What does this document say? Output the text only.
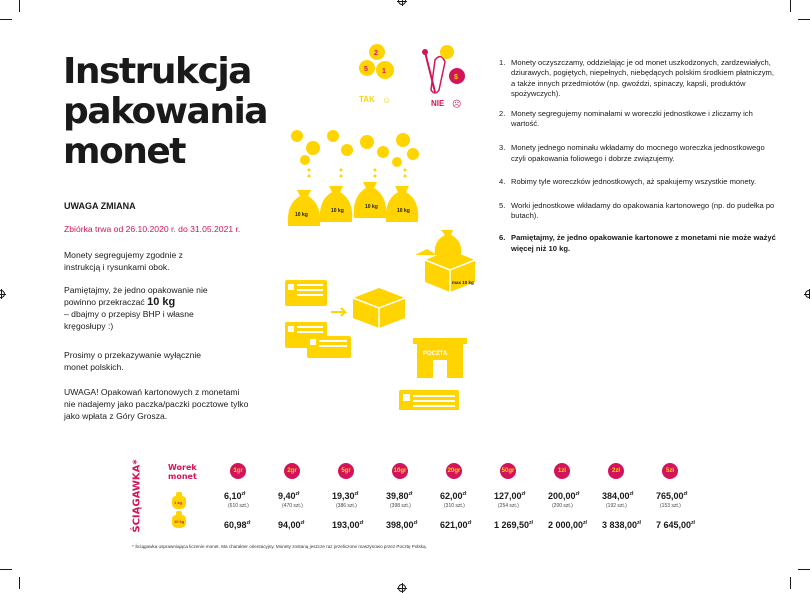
Instrukcja pakowania monet
UWAGA ZMIANA
Zbiórka trwa od 26.10.2020 r. do 31.05.2021 r.
Monety segregujemy zgodnie z instrukcją i rysunkami obok.
Pamiętajmy, że jedno opakowanie nie powinno przekraczać 10 kg
– dbajmy o przepisy BHP i własne kręgosłupy :)
Prosimy o przekazywanie wyłącznie monet polskich.
UWAGA! Opakowań kartonowych z monetami nie nadajemy jako paczka/paczki pocztowe tylko jako wpłata z Góry Grosza.
2
5 1
TAK ☺
$
NIE ☹
10 kg
10 kg
10 kg
10 kg
max 10 kg
POCZTA
1. Monety oczyszczamy, oddzielając je od monet uszkodzonych, zardzewiałych, dziurawych, pogiętych, niepełnych, niebędących polskim środkiem płatniczym, a także innych przedmiotów (np. gwoździ, spinaczy, kapsli, produktów spożywczych).
2. Monety segregujemy nominałami w woreczki jednostkowe i zliczamy ich wartość.
3. Monety jednego nominału wkładamy do mocnego woreczka jednostkowego czyli opakowania foliowego i dobrze związujemy.
4. Robimy tyle woreczków jednostkowych, aż spakujemy wszystkie monety.
5. Worki jednostkowe wkładamy do opakowania kartonowego (np. do pudełka po butach).
6. Pamiętajmy, że jedno opakowanie kartonowe z monetami nie może ważyć więcej niż 10 kg.
ŚCIĄGAWKA*	Worek
monet
1 kg
10 kg
1gr
$6,10^{zł}$
(610 szt.)
$60,98^{zł}$
2gr
$9,40^{zł}$
(470 szt.)
$94,00^{zł}$
5gr
$19,30^{zł}$
(386 szt.)
$193,00^{zł}$
10gr
$39,80^{zł}$
(398 szt.)
$398,00^{zł}$
20gr
$62,00^{zł}$
(310 szt.)
$621,00^{zł}$
50gr
$127,00^{zł}$
(254 szt.)
1 $269,50^{zł}$
1zł
$200,00^{zł}$
(200 szt.)
2 $000,00^{zł}$
2zł
$384,00^{zł}$
(192 szt.)
3 $838,00^{zł}$
5zł
$765,00^{zł}$
(153 szt.)
7 $645,00^{zł}$
* Ściągawka usprawniająca liczenie monet. Ma charakter orientacyjny. Monety zostaną jeszcze raz przeliczone maszynowo przez Pocztę Polską.
